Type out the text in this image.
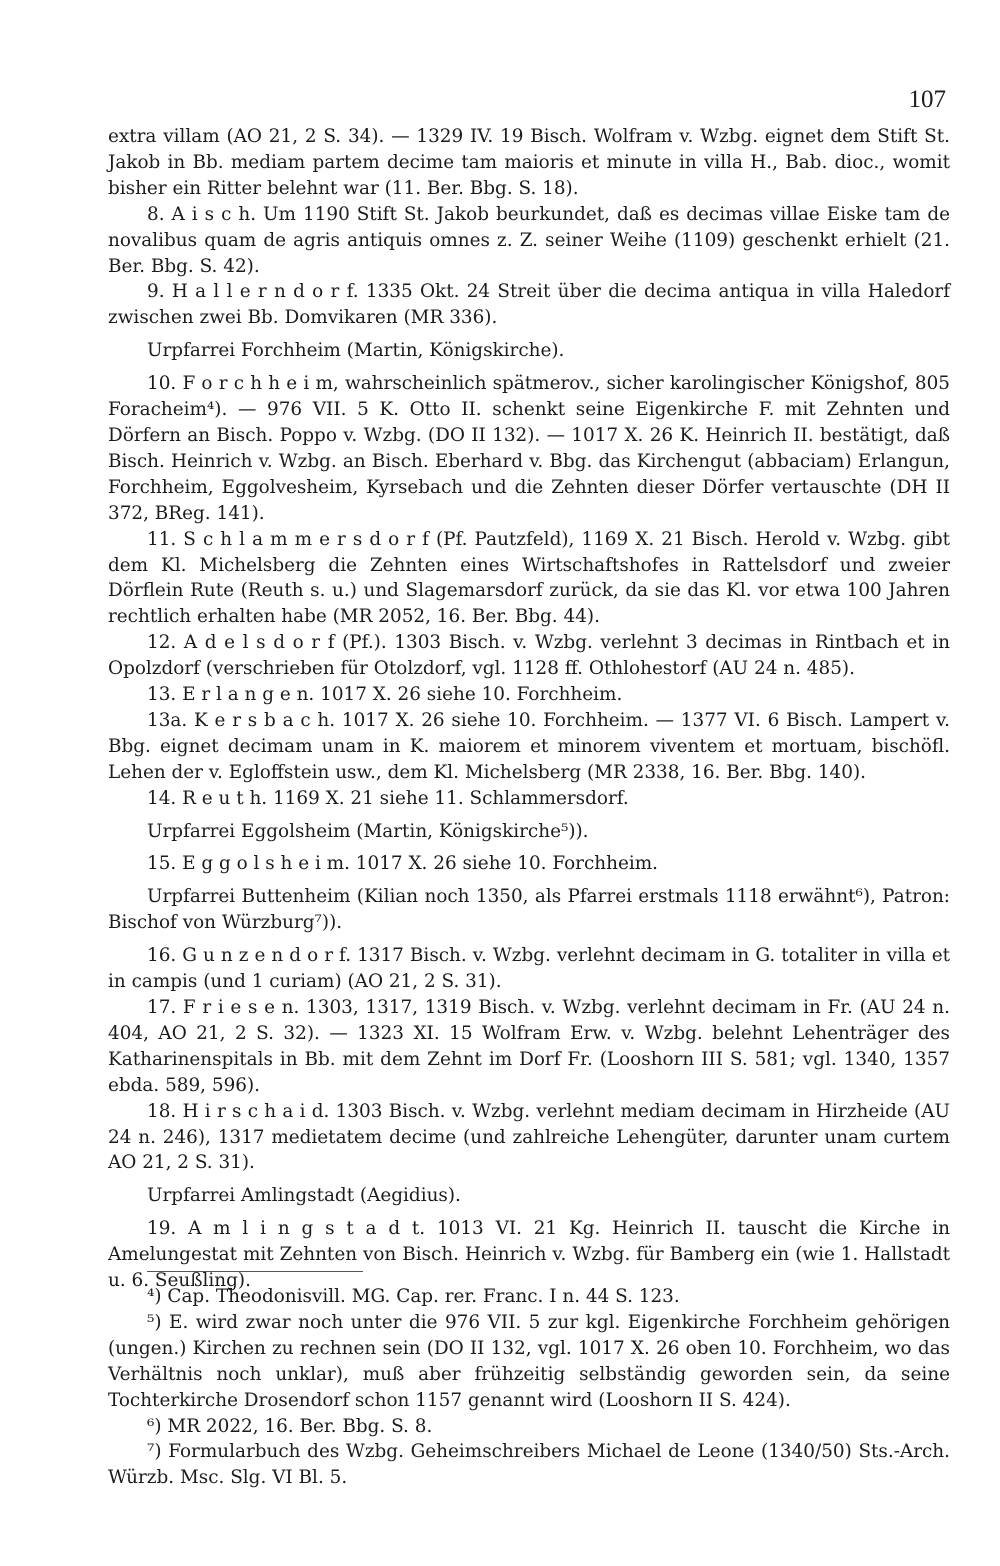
107

extra villam (AO 21, 2 S. 34). — 1329 IV. 19 Bisch. Wolfram v. Wzbg. eignet dem Stift St. Jakob in Bb. mediam partem decime tam maioris et minute in villa H., Bab. dioc., womit bisher ein Ritter belehnt war (11. Ber. Bbg. S. 18).

8. A i s c h. Um 1190 Stift St. Jakob beurkundet, daß es decimas villae Eiske tam de novalibus quam de agris antiquis omnes z. Z. seiner Weihe (1109) geschenkt erhielt (21. Ber. Bbg. S. 42).

9. H a l l e r n d o r f. 1335 Okt. 24 Streit über die decima antiqua in villa Haledorf zwischen zwei Bb. Domvikaren (MR 336).

Urpfarrei Forchheim (Martin, Königskirche).

10. F o r c h h e i m, wahrscheinlich spätmerov., sicher karolingischer Königshof, 805 Foracheim⁴). — 976 VII. 5 K. Otto II. schenkt seine Eigenkirche F. mit Zehnten und Dörfern an Bisch. Poppo v. Wzbg. (DO II 132). — 1017 X. 26 K. Heinrich II. bestätigt, daß Bisch. Heinrich v. Wzbg. an Bisch. Eberhard v. Bbg. das Kirchengut (abbaciam) Erlangun, Forchheim, Eggolvesheim, Kyrsebach und die Zehnten dieser Dörfer vertauschte (DH II 372, BReg. 141).

11. S c h l a m m e r s d o r f (Pf. Pautzfeld), 1169 X. 21 Bisch. Herold v. Wzbg. gibt dem Kl. Michelsberg die Zehnten eines Wirtschaftshofes in Rattelsdorf und zweier Dörflein Rute (Reuth s. u.) und Slagemarsdorf zurück, da sie das Kl. vor etwa 100 Jahren rechtlich erhalten habe (MR 2052, 16. Ber. Bbg. 44).

12. A d e l s d o r f (Pf.). 1303 Bisch. v. Wzbg. verlehnt 3 decimas in Rintbach et in Opolzdorf (verschrieben für Otolzdorf, vgl. 1128 ff. Othlohestorf (AU 24 n. 485).

13. E r l a n g e n. 1017 X. 26 siehe 10. Forchheim.

13a. K e r s b a c h. 1017 X. 26 siehe 10. Forchheim. — 1377 VI. 6 Bisch. Lampert v. Bbg. eignet decimam unam in K. maiorem et minorem viventem et mortuam, bischöfl. Lehen der v. Egloffstein usw., dem Kl. Michelsberg (MR 2338, 16. Ber. Bbg. 140).

14. R e u t h. 1169 X. 21 siehe 11. Schlammersdorf.

Urpfarrei Eggolsheim (Martin, Königskirche⁵)).

15. E g g o l s h e i m. 1017 X. 26 siehe 10. Forchheim.

Urpfarrei Buttenheim (Kilian noch 1350, als Pfarrei erstmals 1118 erwähnt⁶), Patron: Bischof von Würzburg⁷)).

16. G u n z e n d o r f. 1317 Bisch. v. Wzbg. verlehnt decimam in G. totaliter in villa et in campis (und 1 curiam) (AO 21, 2 S. 31).

17. F r i e s e n. 1303, 1317, 1319 Bisch. v. Wzbg. verlehnt decimam in Fr. (AU 24 n. 404, AO 21, 2 S. 32). — 1323 XI. 15 Wolfram Erw. v. Wzbg. belehnt Lehenträger des Katharinenspitals in Bb. mit dem Zehnt im Dorf Fr. (Looshorn III S. 581; vgl. 1340, 1357 ebda. 589, 596).

18. H i r s c h a i d. 1303 Bisch. v. Wzbg. verlehnt mediam decimam in Hirzheide (AU 24 n. 246), 1317 medietatem decime (und zahlreiche Lehengüter, darunter unam curtem AO 21, 2 S. 31).

Urpfarrei Amlingstadt (Aegidius).

19. A m l i n g s t a d t. 1013 VI. 21 Kg. Heinrich II. tauscht die Kirche in Amelungestat mit Zehnten von Bisch. Heinrich v. Wzbg. für Bamberg ein (wie 1. Hallstadt u. 6. Seußling).

⁴) Cap. Theodonisvill. MG. Cap. rer. Franc. I n. 44 S. 123.

⁵) E. wird zwar noch unter die 976 VII. 5 zur kgl. Eigenkirche Forchheim gehörigen (ungen.) Kirchen zu rechnen sein (DO II 132, vgl. 1017 X. 26 oben 10. Forchheim, wo das Verhältnis noch unklar), muß aber frühzeitig selbständig geworden sein, da seine Tochterkirche Drosendorf schon 1157 genannt wird (Looshorn II S. 424).

⁶) MR 2022, 16. Ber. Bbg. S. 8.

⁷) Formularbuch des Wzbg. Geheimschreibers Michael de Leone (1340/50) Sts.-Arch. Würzb. Msc. Slg. VI Bl. 5.
